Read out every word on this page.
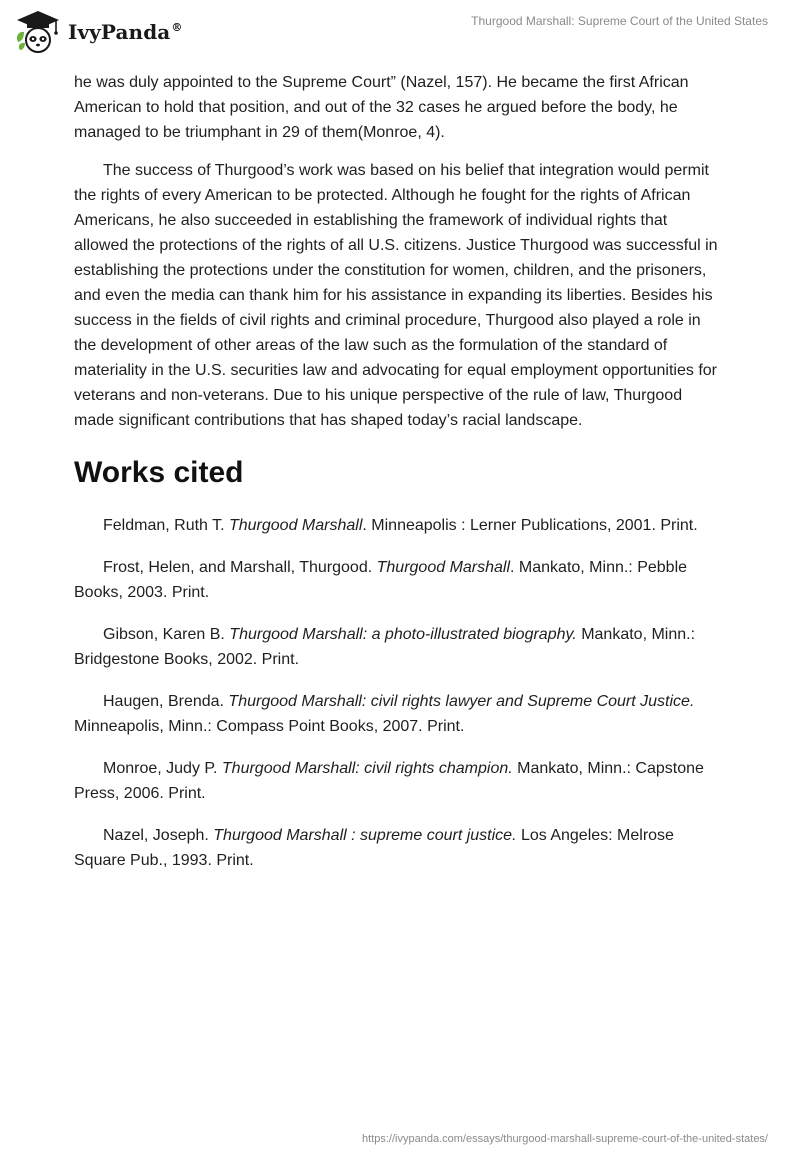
IvyPanda®	Thurgood Marshall: Supreme Court of the United States

he was duly appointed to the Supreme Court” (Nazel, 157). He became the first African American to hold that position, and out of the 32 cases he argued before the body, he managed to be triumphant in 29 of them(Monroe, 4).

The success of Thurgood’s work was based on his belief that integration would permit the rights of every American to be protected. Although he fought for the rights of African Americans, he also succeeded in establishing the framework of individual rights that allowed the protections of the rights of all U.S. citizens. Justice Thurgood was successful in establishing the protections under the constitution for women, children, and the prisoners, and even the media can thank him for his assistance in expanding its liberties. Besides his success in the fields of civil rights and criminal procedure, Thurgood also played a role in the development of other areas of the law such as the formulation of the standard of materiality in the U.S. securities law and advocating for equal employment opportunities for veterans and non-veterans. Due to his unique perspective of the rule of law, Thurgood made significant contributions that has shaped today’s racial landscape.

Works cited

Feldman, Ruth T. Thurgood Marshall. Minneapolis : Lerner Publications, 2001. Print.

Frost, Helen, and Marshall, Thurgood. Thurgood Marshall. Mankato, Minn.: Pebble Books, 2003. Print.

Gibson, Karen B. Thurgood Marshall: a photo-illustrated biography. Mankato, Minn.: Bridgestone Books, 2002. Print.

Haugen, Brenda. Thurgood Marshall: civil rights lawyer and Supreme Court Justice. Minneapolis, Minn.: Compass Point Books, 2007. Print.

Monroe, Judy P. Thurgood Marshall: civil rights champion. Mankato, Minn.: Capstone Press, 2006. Print.

Nazel, Joseph. Thurgood Marshall : supreme court justice. Los Angeles: Melrose Square Pub., 1993. Print.

https://ivypanda.com/essays/thurgood-marshall-supreme-court-of-the-united-states/
